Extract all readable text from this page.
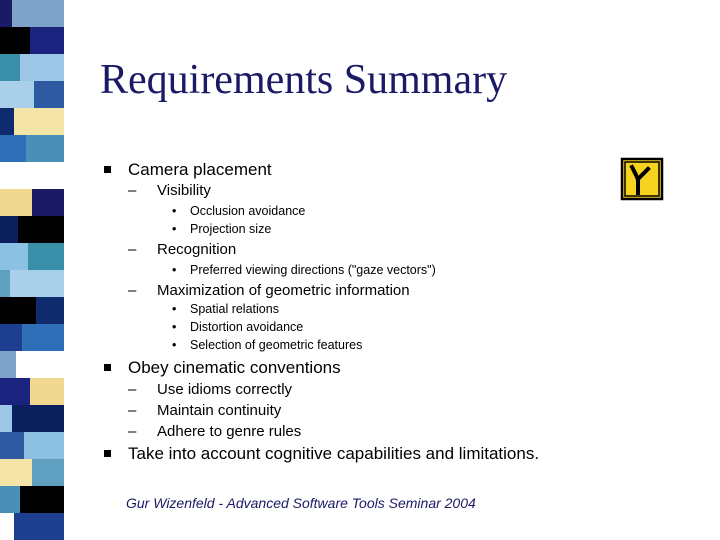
Requirements Summary
Camera placement
– Visibility
• Occlusion avoidance
• Projection size
– Recognition
• Preferred viewing directions ("gaze vectors")
– Maximization of geometric information
• Spatial relations
• Distortion avoidance
• Selection of geometric features
Obey cinematic conventions
– Use idioms correctly
– Maintain continuity
– Adhere to genre rules
Take into account cognitive capabilities and limitations.
Gur Wizenfeld - Advanced Software Tools Seminar 2004
